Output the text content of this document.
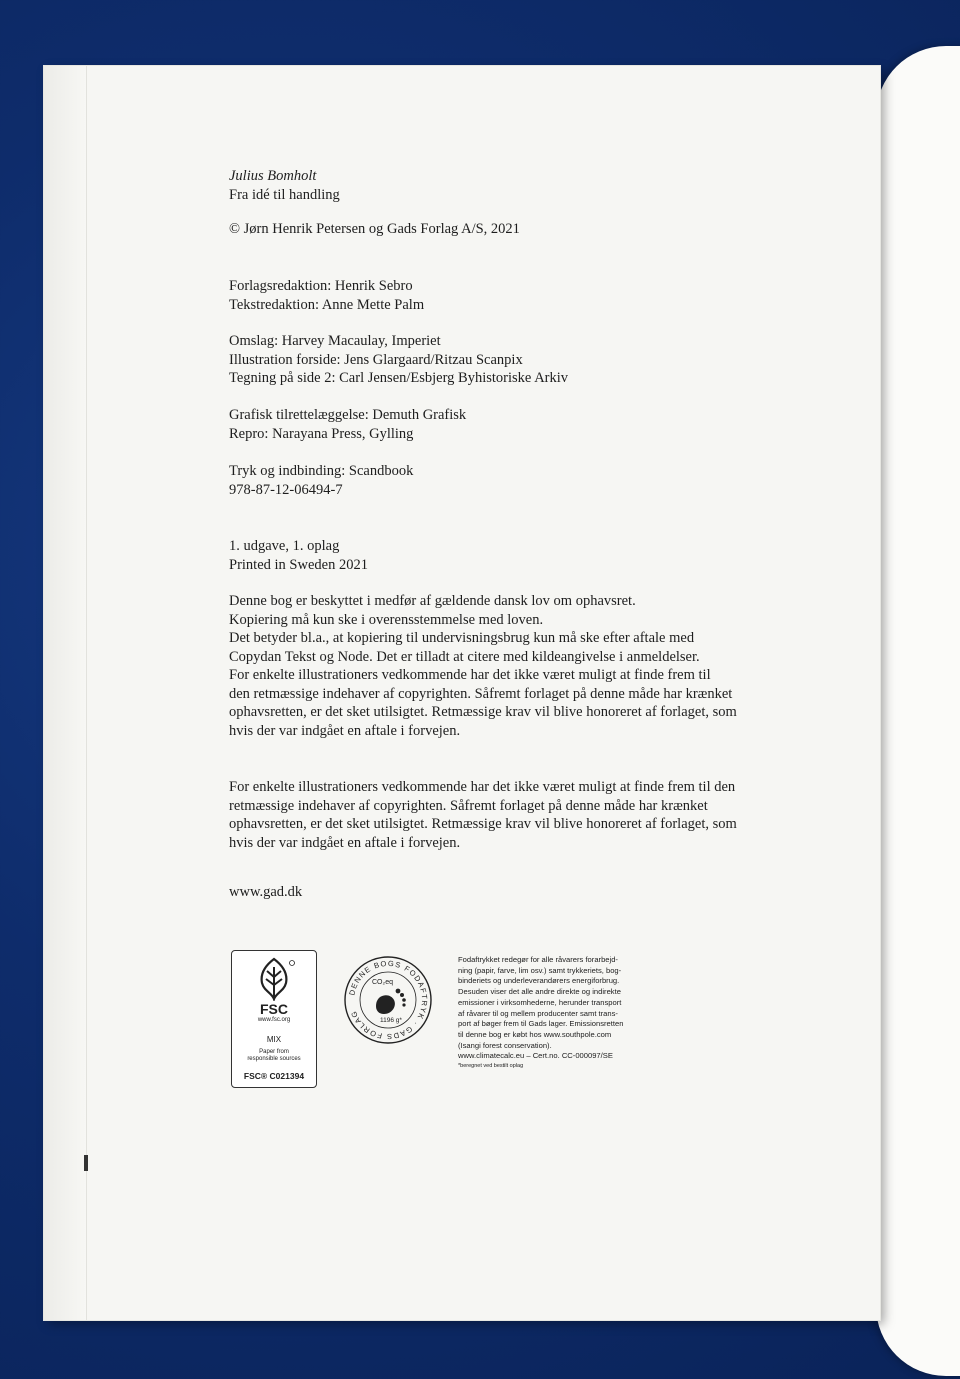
Julius Bomholt
Fra idé til handling
© Jørn Henrik Petersen og Gads Forlag A/S, 2021
Forlagsredaktion: Henrik Sebro
Tekstredaktion: Anne Mette Palm
Omslag: Harvey Macaulay, Imperiet
Illustration forside: Jens Glargaard/Ritzau Scanpix
Tegning på side 2: Carl Jensen/Esbjerg Byhistoriske Arkiv
Grafisk tilrettelæggelse: Demuth Grafisk
Repro: Narayana Press, Gylling
Tryk og indbinding: Scandbook
978-87-12-06494-7
1. udgave, 1. oplag
Printed in Sweden 2021
Denne bog er beskyttet i medfør af gældende dansk lov om ophavsret.
Kopiering må kun ske i overensstemmelse med loven.
Det betyder bl.a., at kopiering til undervisningsbrug kun må ske efter aftale med
Copydan Tekst og Node. Det er tilladt at citere med kildeangivelse i anmeldelser.
For enkelte illustrationers vedkommende har det ikke været muligt at finde frem til
den retmæssige indehaver af copyrighten. Såfremt forlaget på denne måde har krænket
ophavsretten, er det sket utilsigtet. Retmæssige krav vil blive honoreret af forlaget, som
hvis der var indgået en aftale i forvejen.
For enkelte illustrationers vedkommende har det ikke været muligt at finde frem til den
retmæssige indehaver af copyrighten. Såfremt forlaget på denne måde har krænket
ophavsretten, er det sket utilsigtet. Retmæssige krav vil blive honoreret af forlaget, som
hvis der var indgået en aftale i forvejen.
www.gad.dk
FSC
www.fsc.org
MIX
Paper from
responsible sources
FSC® C021394
DENNE BOGS FODAFTRYK · GADS FORLAG
CO₂eq
1196 g*
Fodaftrykket redegør for alle råvarers forarbejd-
ning (papir, farve, lim osv.) samt trykkeriets, bog-
binderiets og underleverandørers energiforbrug.
Desuden viser det alle andre direkte og indirekte
emissioner i virksomhederne, herunder transport
af råvarer til og mellem producenter samt trans-
port af bøger frem til Gads lager. Emissionsretten
til denne bog er købt hos www.southpole.com
(Isangi forest conservation).
www.climatecalc.eu – Cert.no. CC-000097/SE
*beregnet ved bestilt oplag
